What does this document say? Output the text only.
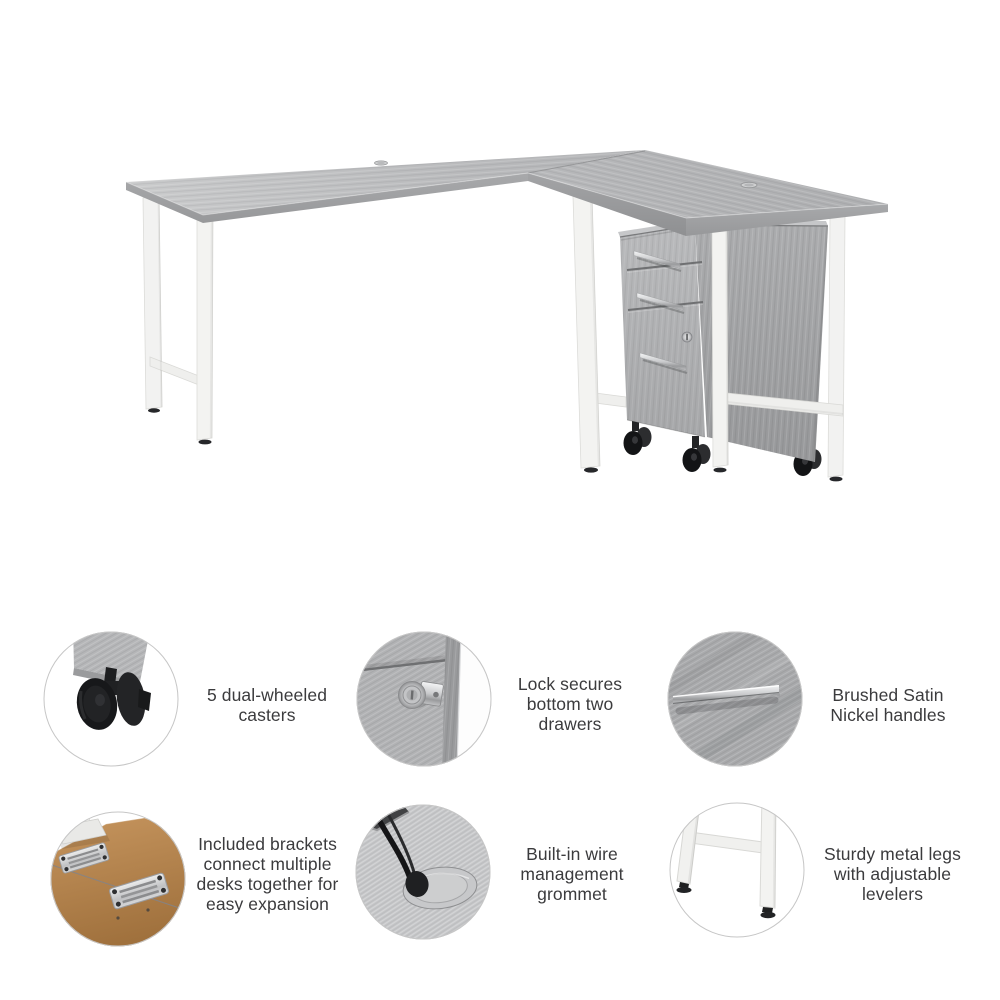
5 dual-wheeled
casters
Lock secures
bottom two
drawers
Brushed Satin
Nickel handles
Included brackets
connect multiple
desks together for
easy expansion
Built-in wire
management
grommet
Sturdy metal legs
with adjustable
levelers
